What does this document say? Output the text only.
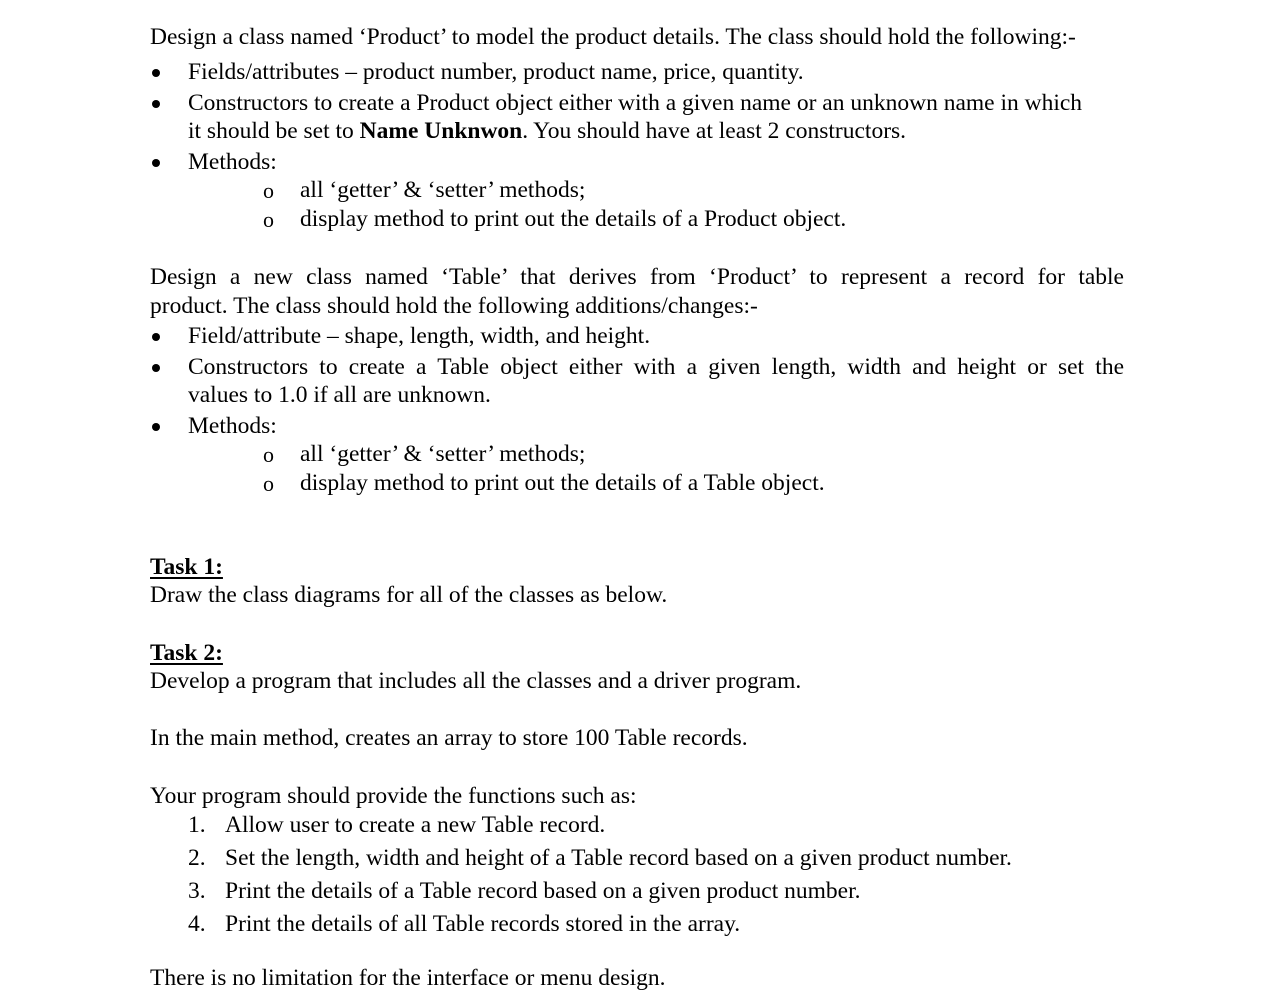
Design a class named ‘Product’ to model the product details. The class should hold the following:-
Fields/attributes – product number, product name, price, quantity.
Constructors to create a Product object either with a given name or an unknown name in which
it should be set to Name Unknwon. You should have at least 2 constructors.
Methods:
o all ‘getter’ & ‘setter’ methods;
o display method to print out the details of a Product object.
Design a new class named ‘Table’ that derives from ‘Product’ to represent a record for table
product. The class should hold the following additions/changes:-
Field/attribute – shape, length, width, and height.
Constructors to create a Table object either with a given length, width and height or set the
values to 1.0 if all are unknown.
Methods:
o all ‘getter’ & ‘setter’ methods;
o display method to print out the details of a Table object.
Task 1:
Draw the class diagrams for all of the classes as below.
Task 2:
Develop a program that includes all the classes and a driver program.
In the main method, creates an array to store 100 Table records.
Your program should provide the functions such as:
1. Allow user to create a new Table record.
2. Set the length, width and height of a Table record based on a given product number.
3. Print the details of a Table record based on a given product number.
4. Print the details of all Table records stored in the array.
There is no limitation for the interface or menu design.
